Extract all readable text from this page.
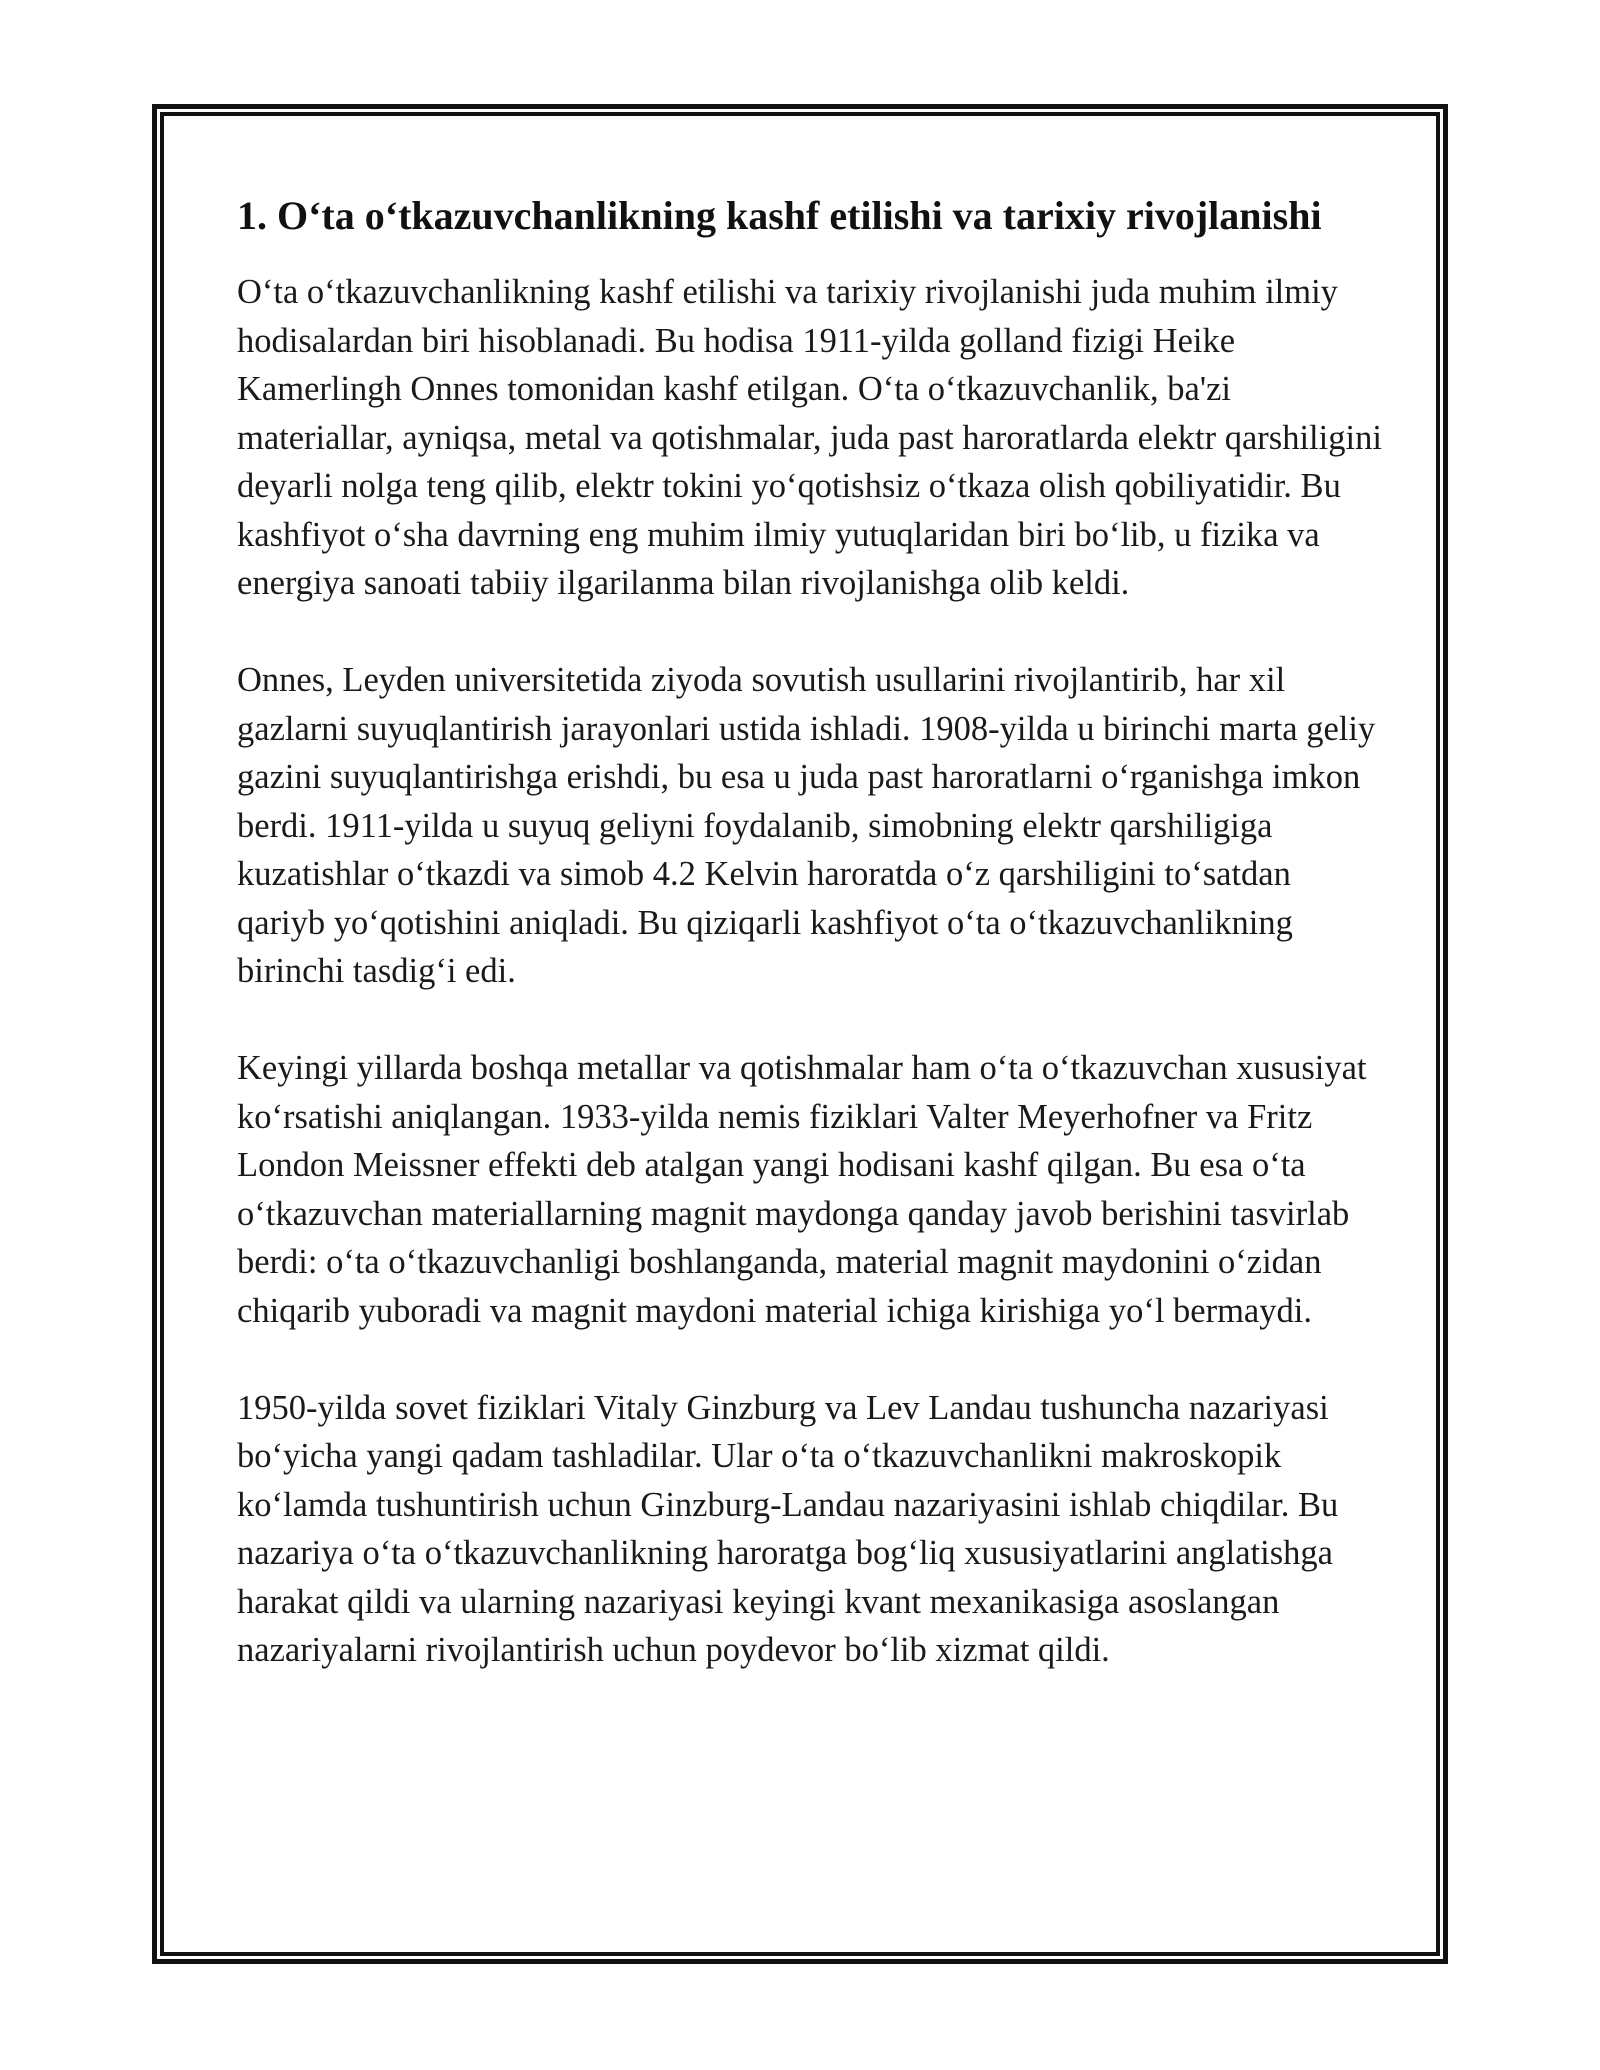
1. O‘ta o‘tkazuvchanlikning kashf etilishi va tarixiy rivojlanishi

O‘ta o‘tkazuvchanlikning kashf etilishi va tarixiy rivojlanishi juda muhim ilmiy hodisalardan biri hisoblanadi. Bu hodisa 1911-yilda golland fizigi Heike Kamerlingh Onnes tomonidan kashf etilgan. O‘ta o‘tkazuvchanlik, ba'zi materiallar, ayniqsa, metal va qotishmalar, juda past haroratlarda elektr qarshiligini deyarli nolga teng qilib, elektr tokini yo‘qotishsiz o‘tkaza olish qobiliyatidir. Bu kashfiyot o‘sha davrning eng muhim ilmiy yutuqlaridan biri bo‘lib, u fizika va energiya sanoati tabiiy ilgarilanma bilan rivojlanishga olib keldi.

Onnes, Leyden universitetida ziyoda sovutish usullarini rivojlantirib, har xil gazlarni suyuqlantirish jarayonlari ustida ishladi. 1908-yilda u birinchi marta geliy gazini suyuqlantirishga erishdi, bu esa u juda past haroratlarni o‘rganishga imkon berdi. 1911-yilda u suyuq geliyni foydalanib, simobning elektr qarshiligiga kuzatishlar o‘tkazdi va simob 4.2 Kelvin haroratda o‘z qarshiligini to‘satdan qariyb yo‘qotishini aniqladi. Bu qiziqarli kashfiyot o‘ta o‘tkazuvchanlikning birinchi tasdig‘i edi.

Keyingi yillarda boshqa metallar va qotishmalar ham o‘ta o‘tkazuvchan xususiyat ko‘rsatishi aniqlangan. 1933-yilda nemis fiziklari Valter Meyerhofner va Fritz London Meissner effekti deb atalgan yangi hodisani kashf qilgan. Bu esa o‘ta o‘tkazuvchan materiallarning magnit maydonga qanday javob berishini tasvirlab berdi: o‘ta o‘tkazuvchanligi boshlanganda, material magnit maydonini o‘zidan chiqarib yuboradi va magnit maydoni material ichiga kirishiga yo‘l bermaydi.

1950-yilda sovet fiziklari Vitaly Ginzburg va Lev Landau tushuncha nazariyasi bo‘yicha yangi qadam tashladilar. Ular o‘ta o‘tkazuvchanlikni makroskopik ko‘lamda tushuntirish uchun Ginzburg-Landau nazariyasini ishlab chiqdilar. Bu nazariya o‘ta o‘tkazuvchanlikning haroratga bog‘liq xususiyatlarini anglatishga harakat qildi va ularning nazariyasi keyingi kvant mexanikasiga asoslangan nazariyalarni rivojlantirish uchun poydevor bo‘lib xizmat qildi.
